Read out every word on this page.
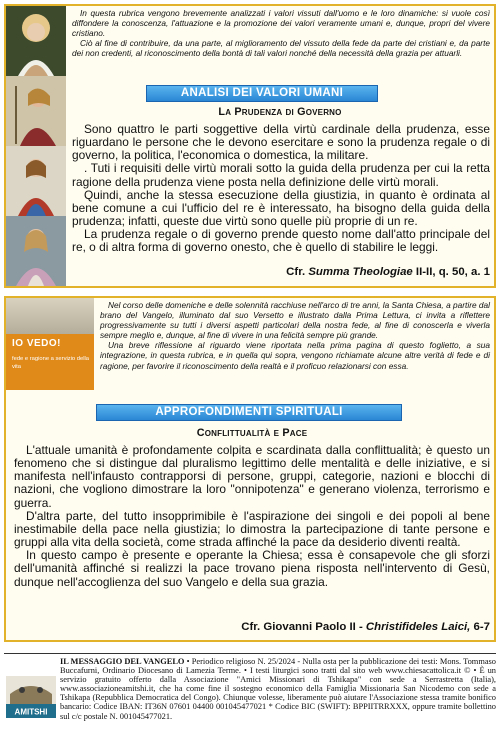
In questa rubrica vengono brevemente analizzati i valori vissuti dall'uomo e le loro dinamiche: si vuole così diffondere la conoscenza, l'attuazione e la promozione dei valori veramente umani e, dunque, propri del vivere cristiano.

Ciò al fine di contribuire, da una parte, al miglioramento del vissuto della fede da parte dei cristiani e, da parte dei non credenti, al riconoscimento della bontà di tali valori nonché della necessità della grazia per attuarli.

ANALISI DEI VALORI UMANI
La Prudenza di Governo

Sono quattro le parti soggettive della virtù cardinale della prudenza, esse riguardano le persone che le devono esercitare e sono la prudenza regale o di governo, la politica, l'economica o domestica, la militare.

. Tuti i requisiti delle virtù morali sotto la guida della prudenza per cui la retta ragione della prudenza viene posta nella definizione delle virtù morali.

Quindi, anche la stessa esecuzione della giustizia, in quanto è ordinata al bene comune a cui l'ufficio del re è interessato, ha bisogno della guida della prudenza; infatti, queste due virtù sono quelle più proprie di un re.

La prudenza regale o di governo prende questo nome dall'atto principale del re, o di altra forma di governo onesto, che è quello di stabilire le leggi.

Cfr. Summa Theologiae II-II, q. 50, a. 1
IO VEDO!
fede e ragione a servizio della vita

Nel corso delle domeniche e delle solennità racchiuse nell'arco di tre anni, la Santa Chiesa, a partire dal brano del Vangelo, illuminato dal suo Versetto e illustrato dalla Prima Lettura, ci invita a riflettere progressivamente su tutti i diversi aspetti particolari della nostra fede, al fine di conoscerla e viverla sempre meglio e, dunque, al fine di vivere in una felicità sempre più grande.

Una breve riflessione al riguardo viene riportata nella prima pagina di questo foglietto, a sua integrazione, in questa rubrica, e in quella qui sopra, vengono richiamate alcune altre verità di fede e di ragione, per favorire il riconoscimento della realtà e il proficuo relazionarsi con essa.

APPROFONDIMENTI SPIRITUALI
Conflittualità e Pace

L'attuale umanità è profondamente colpita e scardinata dalla conflittualità; è questo un fenomeno che si distingue dal pluralismo legittimo delle mentalità e delle iniziative, e si manifesta nell'infausto contrapporsi di persone, gruppi, categorie, nazioni e blocchi di nazioni, che vogliono dimostrare la loro "onnipotenza" e generano violenza, terrorismo e guerra.

D'altra parte, del tutto insopprimibile è l'aspirazione dei singoli e dei popoli al bene inestimabile della pace nella giustizia; lo dimostra la partecipazione di tante persone e gruppi alla vita della società, come strada affinché la pace da desiderio diventi realtà.

In questo campo è presente e operante la Chiesa; essa è consapevole che gli sforzi dell'umanità affinché si realizzi la pace trovano piena risposta nell'intervento di Gesù, dunque nell'accoglienza del suo Vangelo e della sua grazia.

Cfr. Giovanni Paolo II - Christifideles Laici, 6-7
AMITSHI
IL MESSAGGIO DEL VANGELO • Periodico religioso N. 25/2024 - Nulla osta per la pubblicazione dei testi: Mons. Tommaso Buccafurni, Ordinario Diocesano di Lamezia Terme. • I testi liturgici sono tratti dal sito web www.chiesacattolica.it © • È un servizio gratuito offerto dalla Associazione "Amici Missionari di Tshikapa" con sede a Serrastretta (Italia), www.associazioneamitshi.it, che ha come fine il sostegno economico della Famiglia Missionaria San Nicodemo con sede a Tshikapa (Repubblica Democratica del Congo). Chiunque volesse, liberamente può aiutare l'Associazione stessa tramite bonifico bancario: Codice IBAN: IT36N 07601 04400 001045477021 * Codice BIC (SWIFT): BPPIITRRXXX, oppure tramite bollettino sul c/c postale N. 001045477021.
